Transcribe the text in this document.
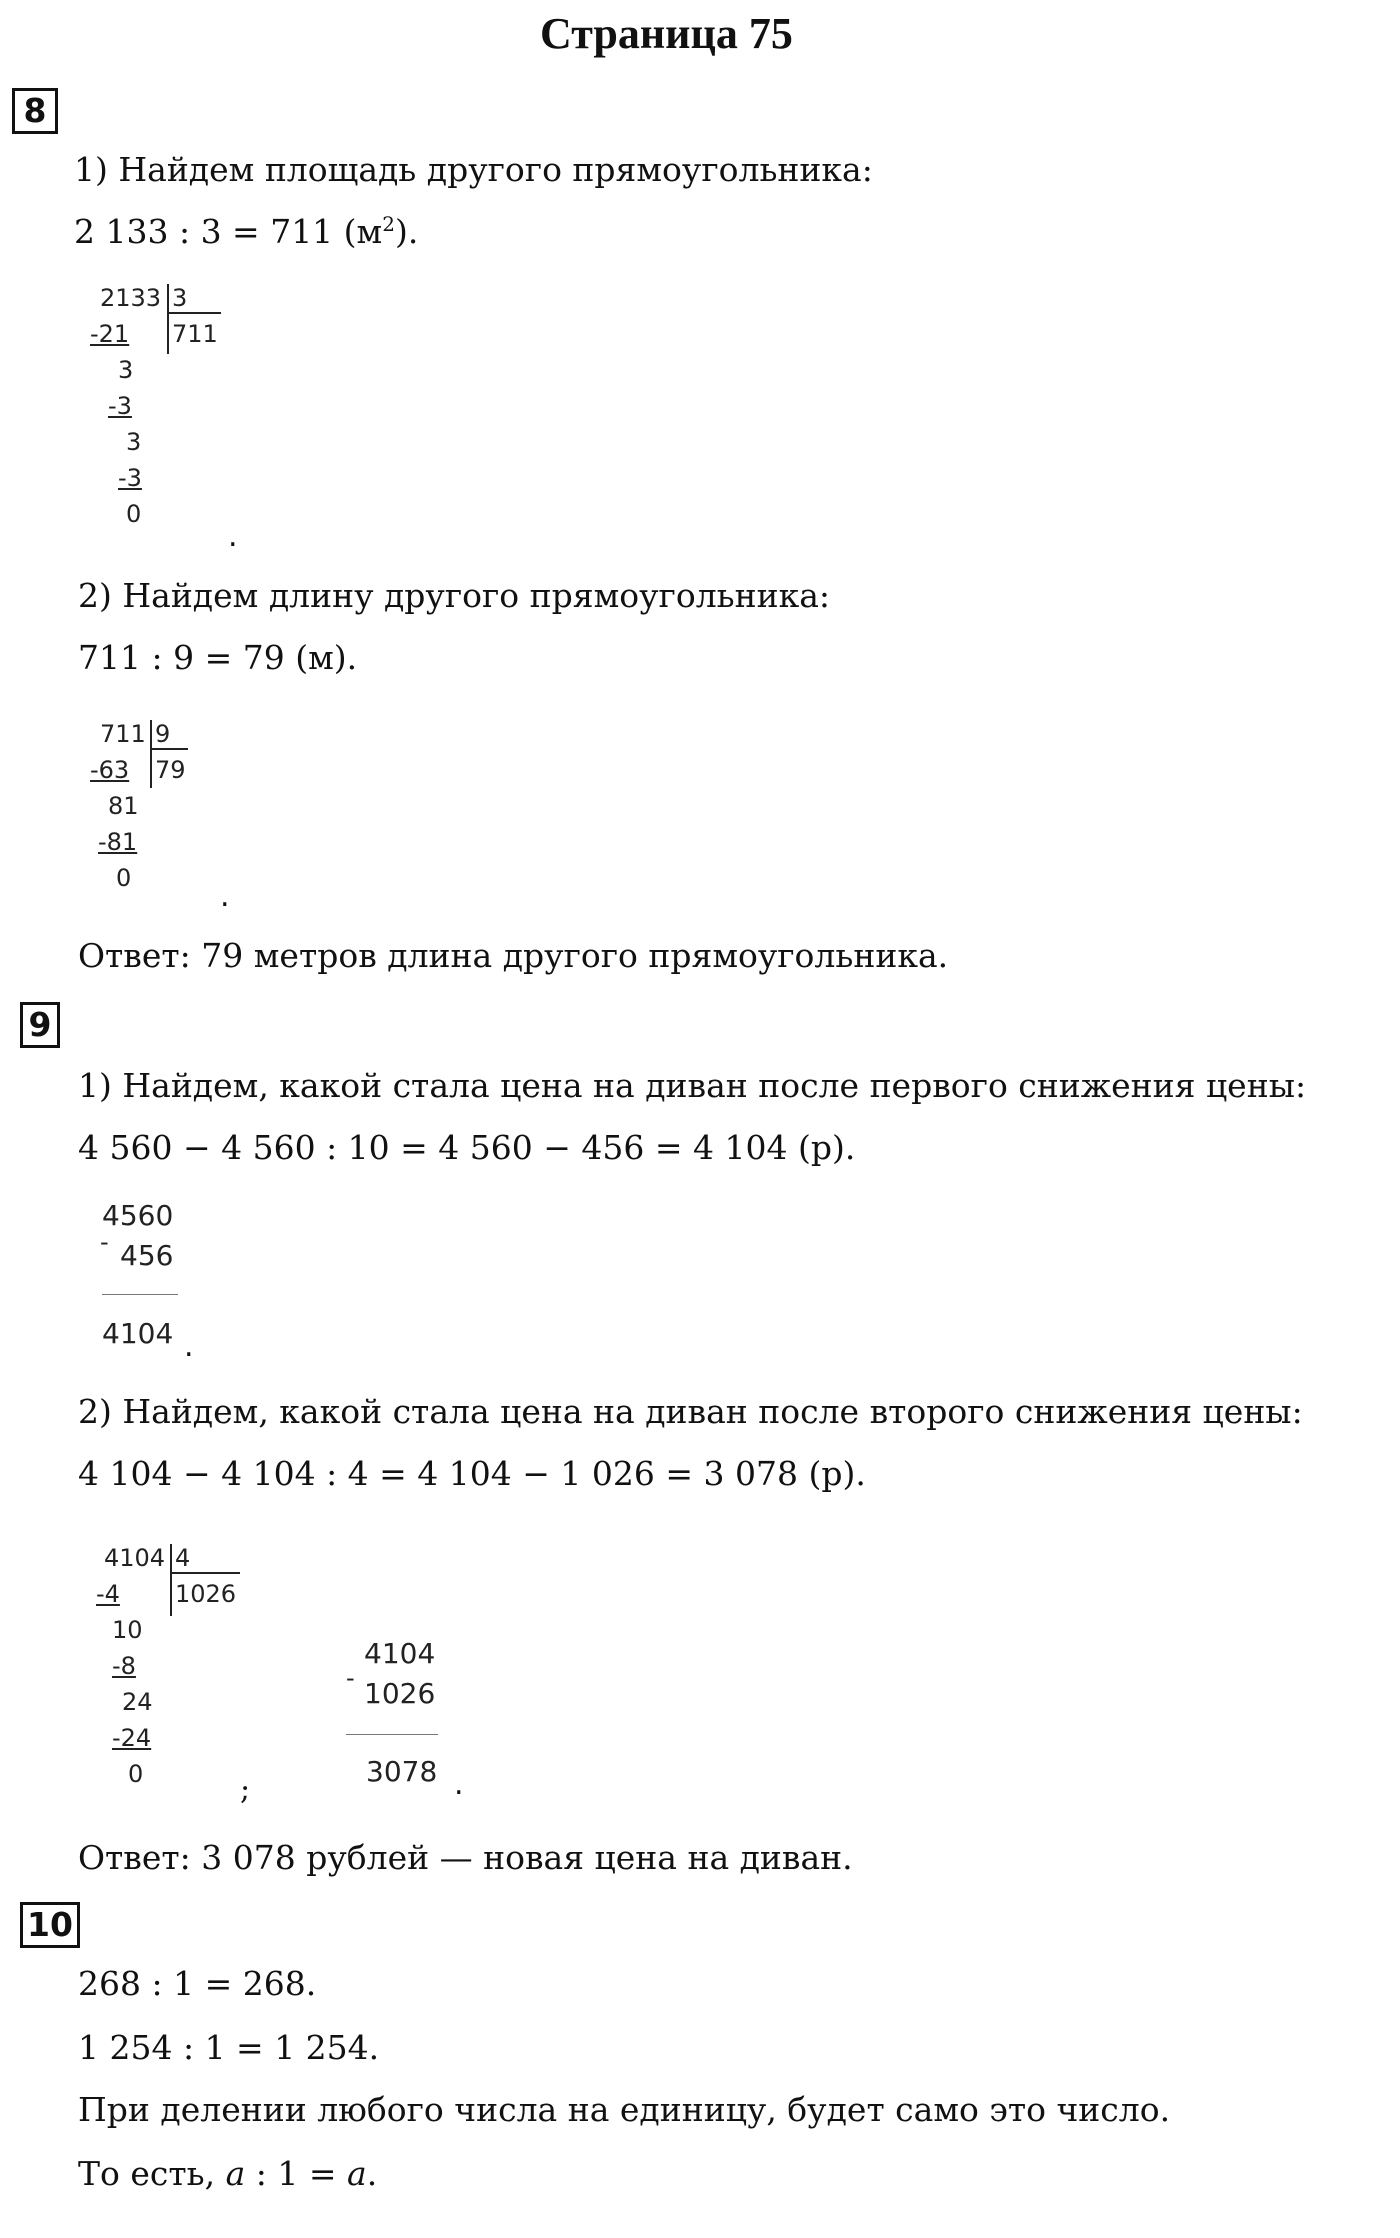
Страница 75
8
1) Найдем площадь другого прямоугольника:
2 133 : 3 = 711 $(м^2)$.
2133 3
711
-21
3
-3
3
-3
0
.
2) Найдем длину другого прямоугольника:
711 : 9 = 79 (м).
711 9
79
-63
81
-81
0
.
Ответ: 79 метров длина другого прямоугольника.
9
1) Найдем, какой стала цена на диван после первого снижения цены:
4 560 − 4 560 : 10 = 4 560 − 456 = 4 104 (р).
-
4560
456
4104 .
2) Найдем, какой стала цена на диван после второго снижения цены:
4 104 − 4 104 : 4 = 4 104 − 1 026 = 3 078 (р).
4104 4
1026
-4
10
-8
24
-24
0	;
-
4104
1026
3078 .
Ответ: 3 078 рублей — новая цена на диван.
10
268 : 1 = 268.
1 254 : 1 = 1 254.
При делении любого числа на единицу, будет само это число.
То есть, a : 1 = a.
